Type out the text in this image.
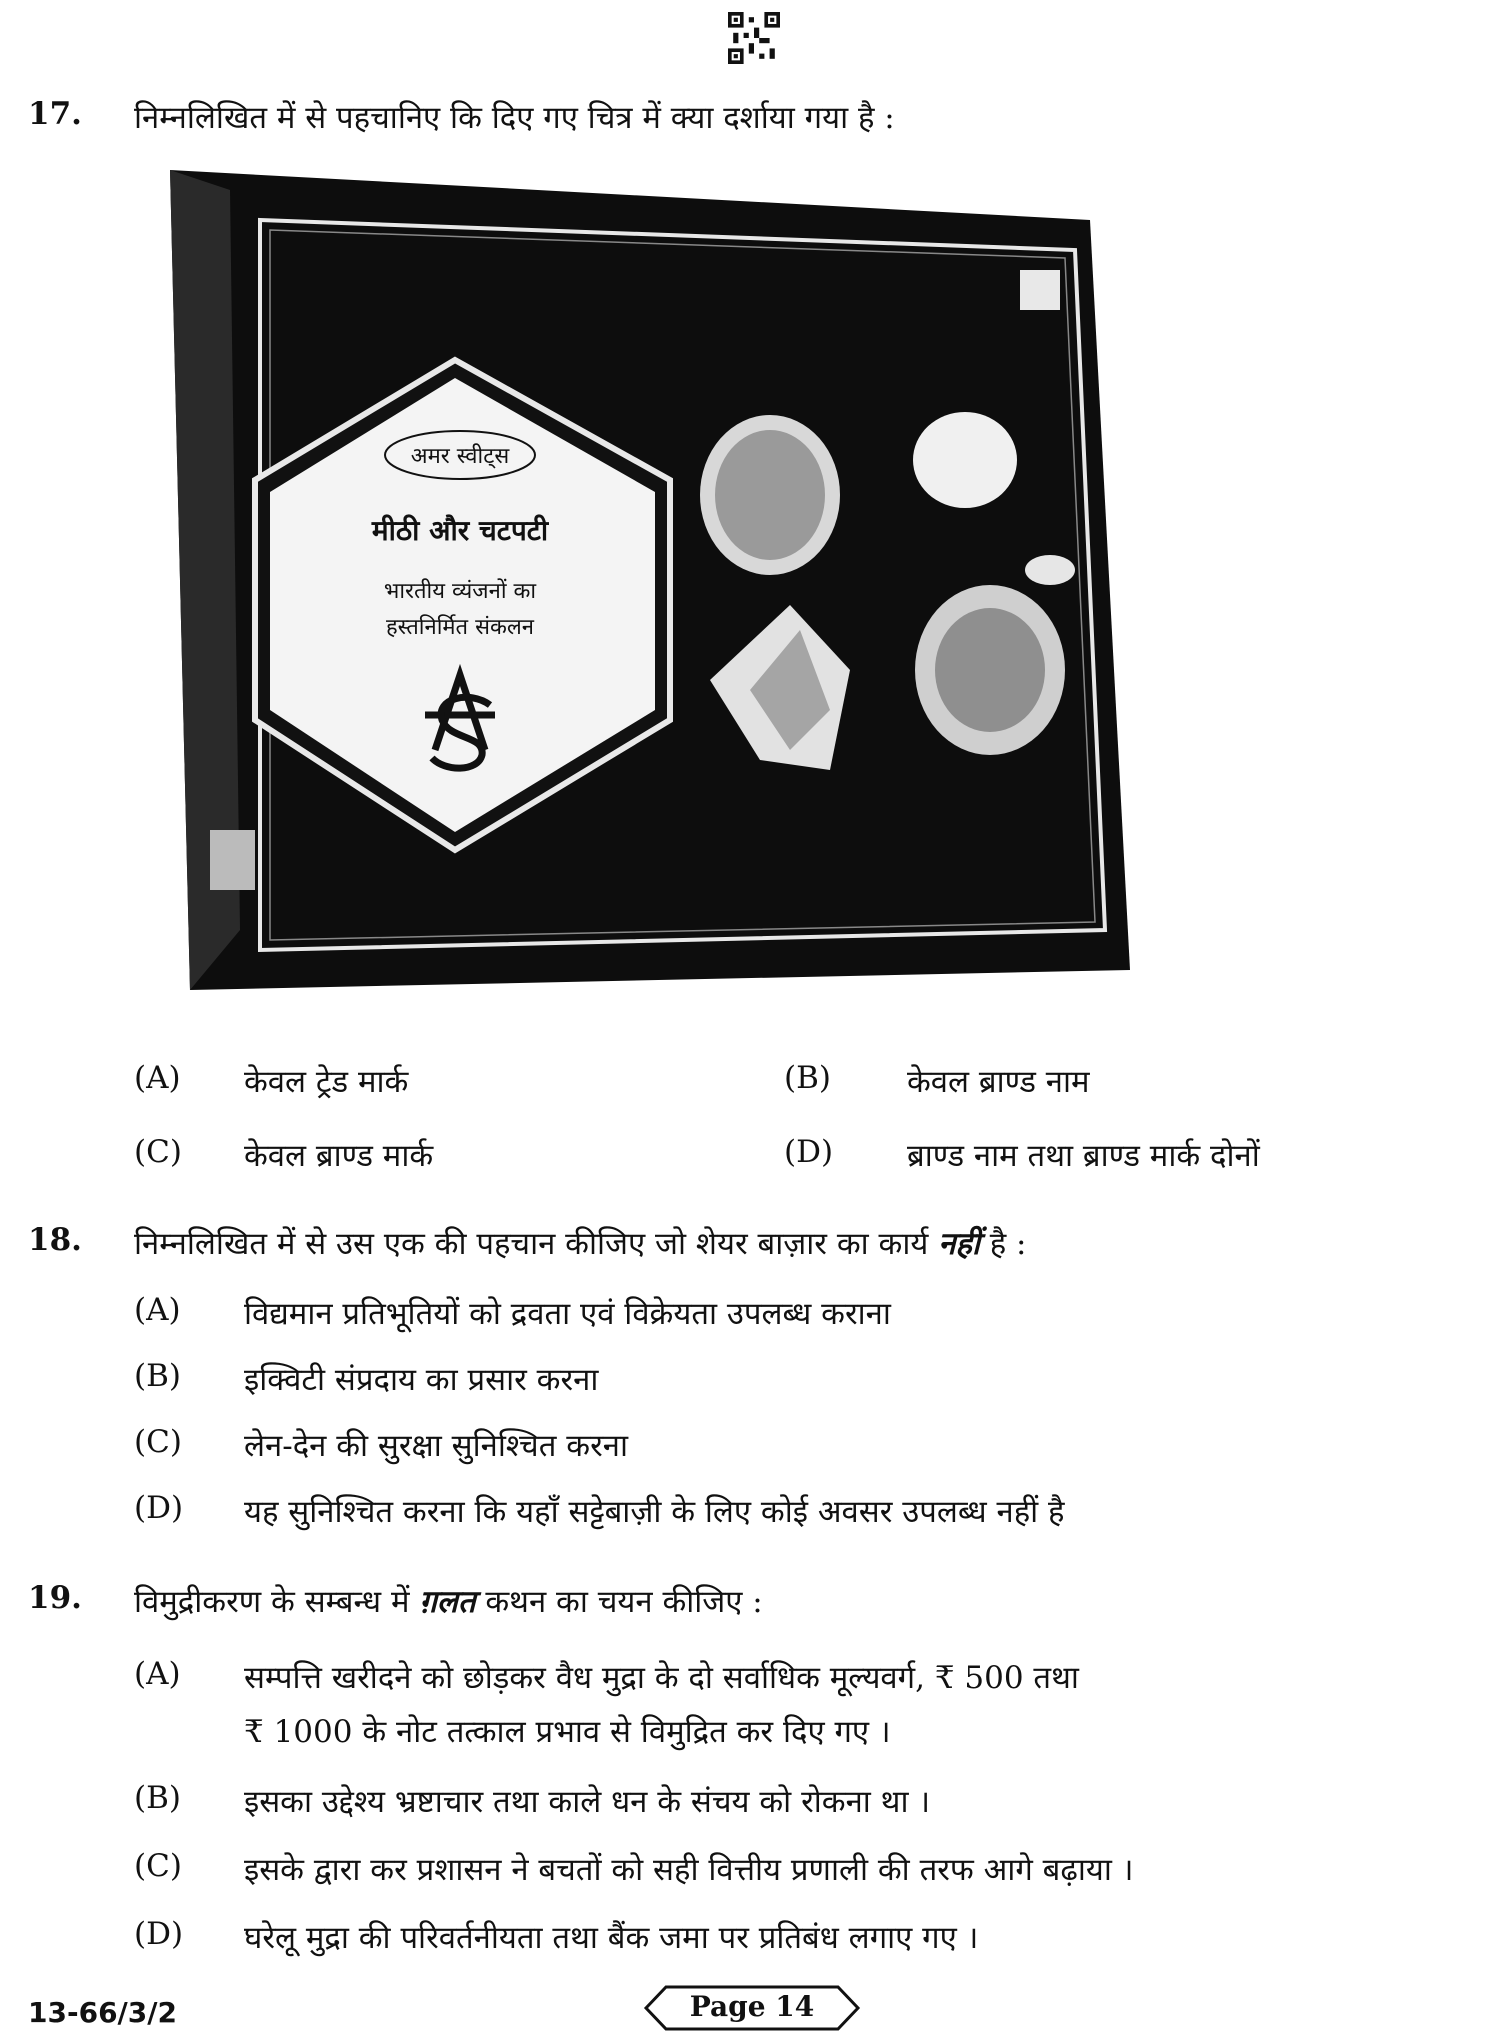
17. निम्नलिखित में से पहचानिए कि दिए गए चित्र में क्या दर्शाया गया है :
अमर स्वीट्स
मीठी और चटपटी
भारतीय व्यंजनों का
हस्तनिर्मित संकलन
(A) केवल ट्रेड मार्क	(B) केवल ब्राण्ड नाम
(C) केवल ब्राण्ड मार्क	(D) ब्राण्ड नाम तथा ब्राण्ड मार्क दोनों
18. निम्नलिखित में से उस एक की पहचान कीजिए जो शेयर बाज़ार का कार्य नहीं है :
(A) विद्यमान प्रतिभूतियों को द्रवता एवं विक्रेयता उपलब्ध कराना
(B) इक्विटी संप्रदाय का प्रसार करना
(C) लेन-देन की सुरक्षा सुनिश्चित करना
(D) यह सुनिश्चित करना कि यहाँ सट्टेबाज़ी के लिए कोई अवसर उपलब्ध नहीं है
19. विमुद्रीकरण के सम्बन्ध में ग़लत कथन का चयन कीजिए :
(A) सम्पत्ति खरीदने को छोड़कर वैध मुद्रा के दो सर्वाधिक मूल्यवर्ग, ₹ 500 तथा
₹ 1000 के नोट तत्काल प्रभाव से विमुद्रित कर दिए गए ।
(B) इसका उद्देश्य भ्रष्टाचार तथा काले धन के संचय को रोकना था ।
(C) इसके द्वारा कर प्रशासन ने बचतों को सही वित्तीय प्रणाली की तरफ आगे बढ़ाया ।
(D) घरेलू मुद्रा की परिवर्तनीयता तथा बैंक जमा पर प्रतिबंध लगाए गए ।
13-66/3/2	Page 14
